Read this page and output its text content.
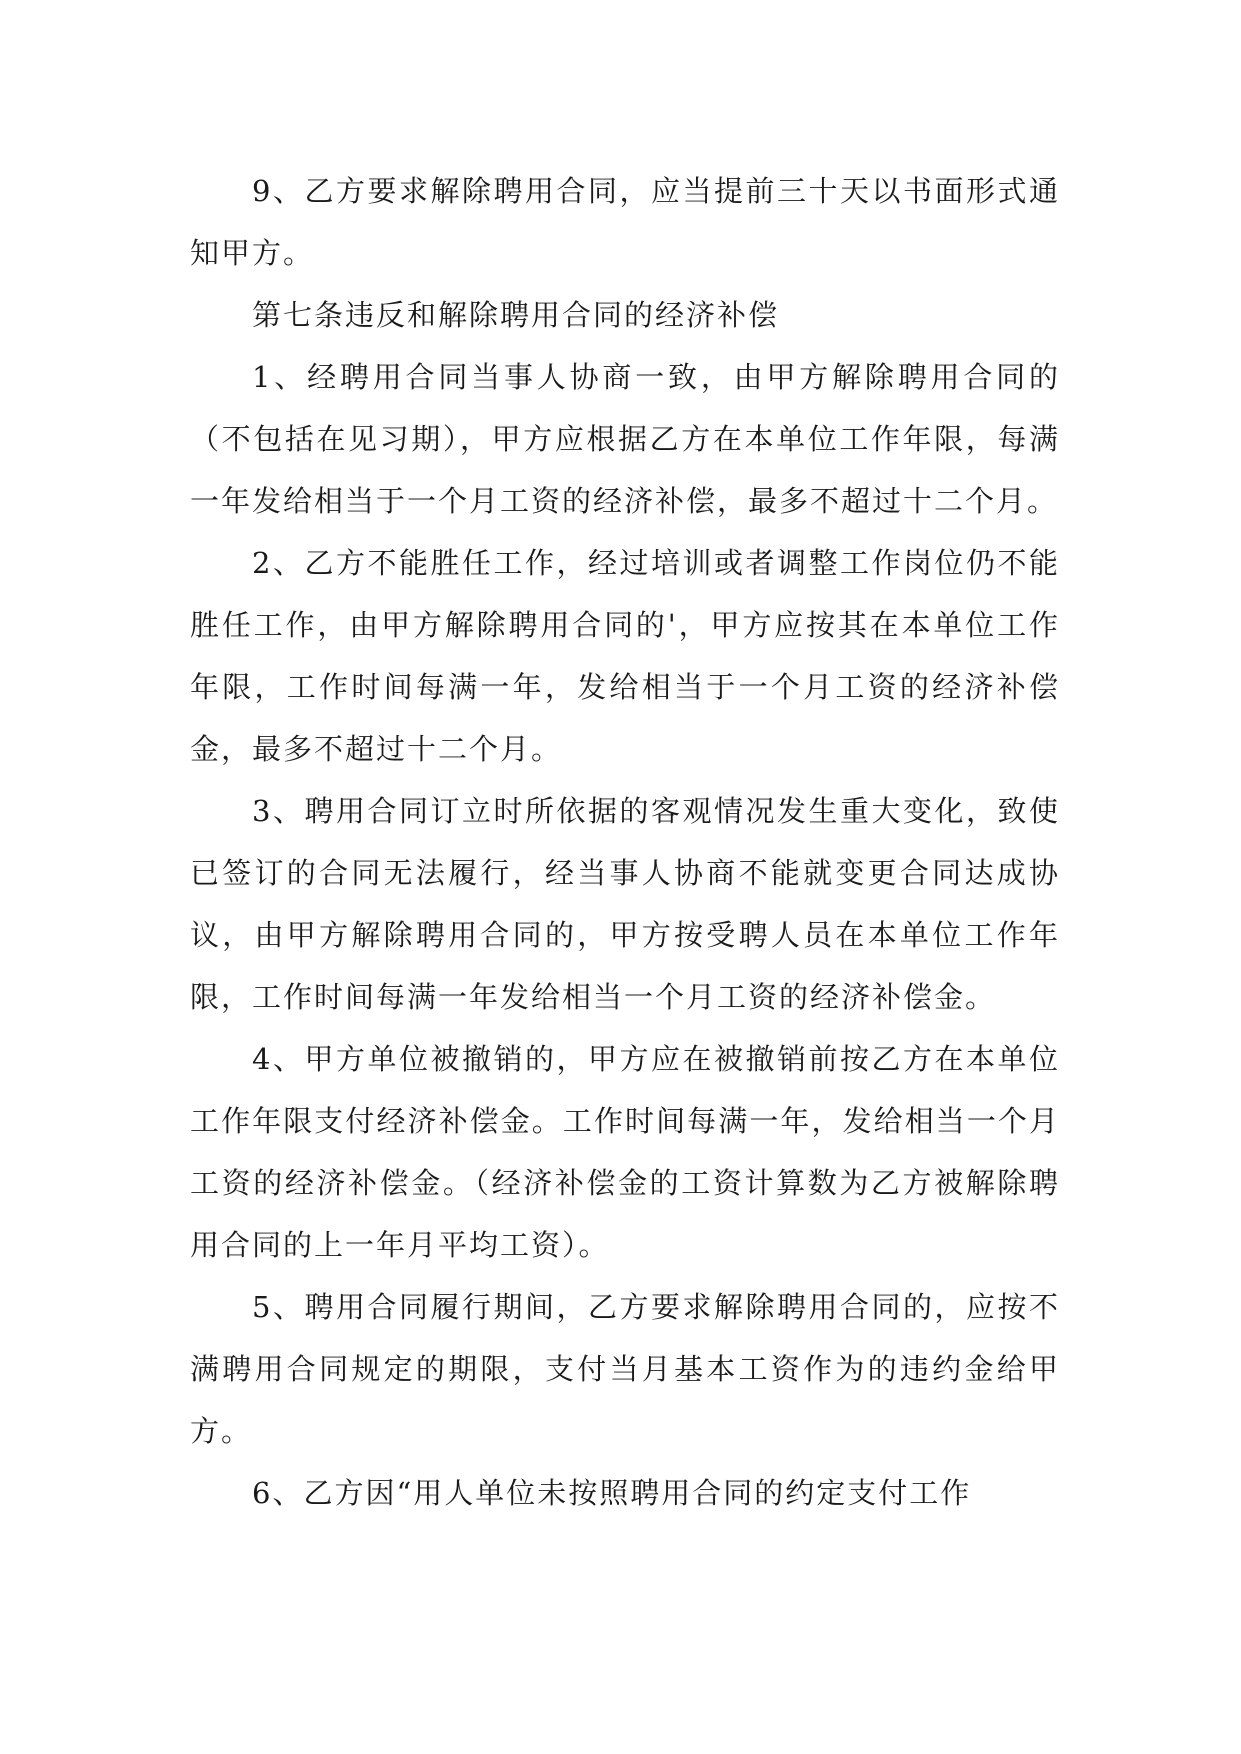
9、乙方要求解除聘用合同，应当提前三十天以书面形式通知甲方。

第七条违反和解除聘用合同的经济补偿

1、经聘用合同当事人协商一致，由甲方解除聘用合同的（不包括在见习期），甲方应根据乙方在本单位工作年限，每满一年发给相当于一个月工资的经济补偿，最多不超过十二个月。

2、乙方不能胜任工作，经过培训或者调整工作岗位仍不能胜任工作，由甲方解除聘用合同的'，甲方应按其在本单位工作年限，工作时间每满一年，发给相当于一个月工资的经济补偿金，最多不超过十二个月。

3、聘用合同订立时所依据的客观情况发生重大变化，致使已签订的合同无法履行，经当事人协商不能就变更合同达成协议，由甲方解除聘用合同的，甲方按受聘人员在本单位工作年限，工作时间每满一年发给相当一个月工资的经济补偿金。

4、甲方单位被撤销的，甲方应在被撤销前按乙方在本单位工作年限支付经济补偿金。工作时间每满一年，发给相当一个月工资的经济补偿金。（经济补偿金的工资计算数为乙方被解除聘用合同的上一年月平均工资）。

5、聘用合同履行期间，乙方要求解除聘用合同的，应按不满聘用合同规定的期限，支付当月基本工资作为的违约金给甲方。

6、乙方因“用人单位未按照聘用合同的约定支付工作
